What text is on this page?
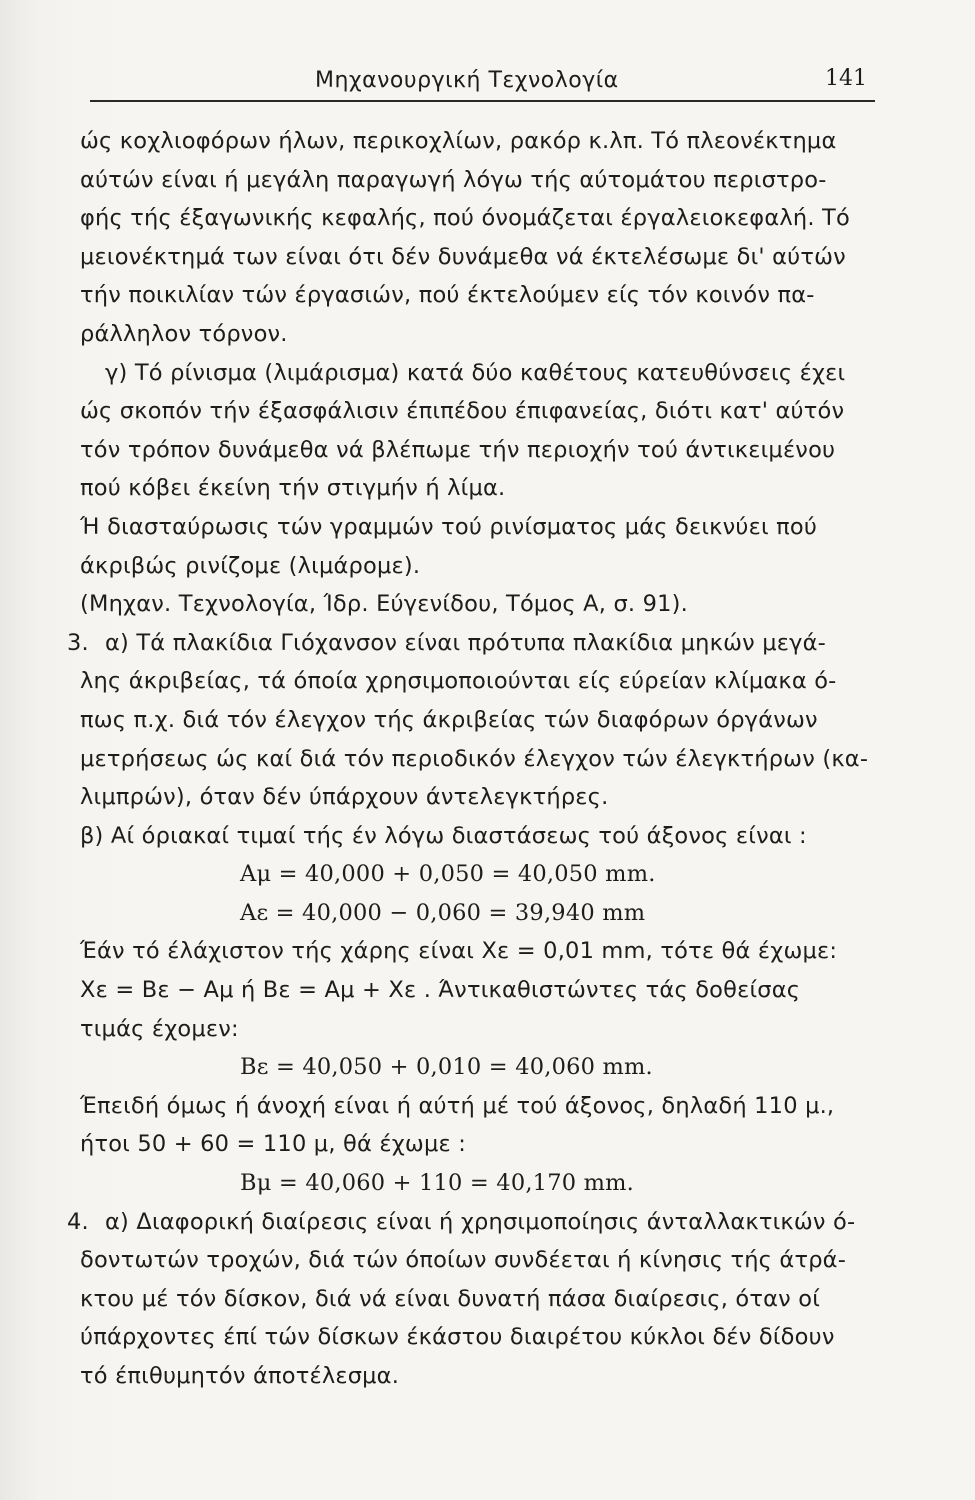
Μηχανουργική Τεχνολογία	141
ώς κοχλιοφόρων ήλων, περικοχλίων, ρακόρ κ.λπ. Τό πλεονέκτημα
αύτών είναι ή μεγάλη παραγωγή λόγω τής αύτομάτου περιστρο-
φής τής έξαγωνικής κεφαλής, πού όνομάζεται έργαλειοκεφαλή. Τό
μειονέκτημά των είναι ότι δέν δυνάμεθα νά έκτελέσωμε δι' αύτών
τήν ποικιλίαν τών έργασιών, πού έκτελούμεν είς τόν κοινόν πα-
ράλληλον τόρνον.
γ) Τό ρίνισμα (λιμάρισμα) κατά δύο καθέτους κατευθύνσεις έχει
ώς σκοπόν τήν έξασφάλισιν έπιπέδου έπιφανείας, διότι κατ' αύτόν
τόν τρόπον δυνάμεθα νά βλέπωμε τήν περιοχήν τού άντικειμένου
πού κόβει έκείνη τήν στιγμήν ή λίμα.
Ή διασταύρωσις τών γραμμών τού ρινίσματος μάς δεικνύει πού
άκριβώς ρινίζομε (λιμάρομε).
(Μηχαν. Τεχνολογία, Ίδρ. Εύγενίδου, Τόμος Α, σ. 91).
3. α) Τά πλακίδια Γιόχανσον είναι πρότυπα πλακίδια μηκών μεγά-
λης άκριβείας, τά όποία χρησιμοποιούνται είς εύρείαν κλίμακα ό-
πως π.χ. διά τόν έλεγχον τής άκριβείας τών διαφόρων όργάνων
μετρήσεως ώς καί διά τόν περιοδικόν έλεγχον τών έλεγκτήρων (κα-
λιμπρών), όταν δέν ύπάρχουν άντελεγκτήρες.
β) Αί όριακαί τιμαί τής έν λόγω διαστάσεως τού άξονος είναι :
Aμ = 40,000 + 0,050 = 40,050 mm.
Aε = 40,000 − 0,060 = 39,940 mm
Έάν τό έλάχιστον τής χάρης είναι Xε = 0,01 mm, τότε θά έχωμε:
Xε = Bε − Aμ ή Bε = Aμ + Xε . Άντικαθιστώντες τάς δοθείσας
τιμάς έχομεν:
Bε = 40,050 + 0,010 = 40,060 mm.
Έπειδή όμως ή άνοχή είναι ή αύτή μέ τού άξονος, δηλαδή 110 μ.,
ήτοι 50 + 60 = 110 μ, θά έχωμε :
Bμ = 40,060 + 110 = 40,170 mm.
4. α) Διαφορική διαίρεσις είναι ή χρησιμοποίησις άνταλλακτικών ό-
δοντωτών τροχών, διά τών όποίων συνδέεται ή κίνησις τής άτρά-
κτου μέ τόν δίσκον, διά νά είναι δυνατή πάσα διαίρεσις, όταν οί
ύπάρχοντες έπί τών δίσκων έκάστου διαιρέτου κύκλοι δέν δίδουν
τό έπιθυμητόν άποτέλεσμα.
